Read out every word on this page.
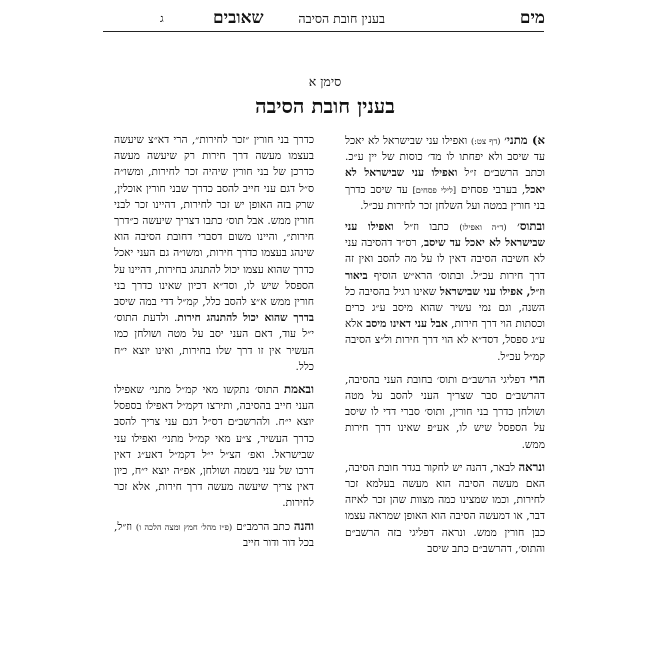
מים
בענין חובת הסיבה
שאובים
ג
סימן א
בענין חובת הסיבה

א) מתני׳ (דף צט:) ואפילו עני שבישראל לא יאכל עד שיסב ולא יפחתו לו מד׳ כוסות של יין ע״כ. וכתב הרשב״ם ז״ל ואפילו עני שבישראל לא יאכל, בערבי פסחים [לילי פסחים] עד שיסב כדרך בני חורין במטה ועל השלחן זכר לחירות עכ״ל.

ובתוס׳ (ד״ה ואפילו) כתבו וז״ל ואפילו עני שבישראל לא יאכל עד שיסב, רס״ד דהסיבה עני לא חשיבה הסיבה דאין לו על מה להסב ואין זה דרך חירות עכ״ל. ובתוס׳ הרא״ש הוסיף ביאור וז״ל, אפילו עני שבישראל שאינו רגיל בהסיבה כל השנה, וגם נמי עשיר שהוא מיסב ע״ג כרים וכסתות הוי דרך חירות, אבל עני דאינו מיסב אלא ע״ג ספסל, דסד״א לא הוי דרך חירות ול״צ הסיבה קמ״ל עכ״ל.

הרי דפליגי הרשב״ם ותוס׳ בחובת העני בהסיבה, דהרשב״ם סבר שצריך העני להסב על מטה ושולחן כדרך בני חורין, ותוס׳ סברי דדי לו שיסב על הספסל שיש לו, אע״פ שאינו דרך חירות ממש.

ונראה לבאר, דהנה יש לחקור בגדר חובת הסיבה, האם מעשה הסיבה הוא מעשה בעלמא זכר לחירות, וכמו שמצינו כמה מצוות שהן זכר לאיזה דבר, או דמעשה הסיבה הוא האופן שמראה עצמו כבן חורין ממש. ונראה דפליגי בזה הרשב״ם והתוס׳, דהרשב״ם כתב שיסב

כדרך בני חורין ״זכר לחירות״, הרי דא״צ שיעשה בעצמו מעשה דרך חירות רק שיעשה מעשה כדרכן של בני חורין שיהיה זכר לחירות, ומשו״ה ס״ל דגם עני חייב להסב כדרך שבני חורין אוכלין, שרק בזה האופן יש זכר לחירות, דהיינו זכר לבני חורין ממש. אבל תוס׳ כתבו דצריך שיעשה כ״דרך חירות״, והיינו משום דסברי דחובת הסיבה הוא שינהג בעצמו כדרך חירות, ומשו״ה גם העני יאכל כדרך שהוא עצמו יכול להתנהג בחירות, דהיינו על הספסל שיש לו, וסד״א דכיון שאינו כדרך בני חורין ממש א״צ להסב כלל, קמ״ל דדי במה שיסב בדרך שהוא יכול להתנהג חירות. ולדעת התוס׳ י״ל עוד, דאם העני יסב על מטה ושולחן כמו העשיר אין זו דרך שלו בחירות, ואינו יוצא י״ח כלל.

ובאמת התוס׳ נתקשו מאי קמ״ל מתני׳ שאפילו העני חייב בהסיבה, ותירצו דקמ״ל דאפילו בספסל יוצא י״ח. ולהרשב״ם דס״ל דגם עני צריך להסב כדרך העשיר, צ״ע מאי קמ״ל מתני׳ ואפילו עני שבישראל. ואפ׳ הצ״ל י״ל דקמ״ל דאע״ג דאין דרכו של עני בשמה ושולחן, אפ״ה יוצא י״ח, כיון דאין צריך שיעשה מעשה דרך חירות, אלא זכר לחירות.

והנה כתב הרמב״ם (פ״ז מהל׳ חמץ ומצה הלכה ו) וז״ל, בכל דור ודור חייב
